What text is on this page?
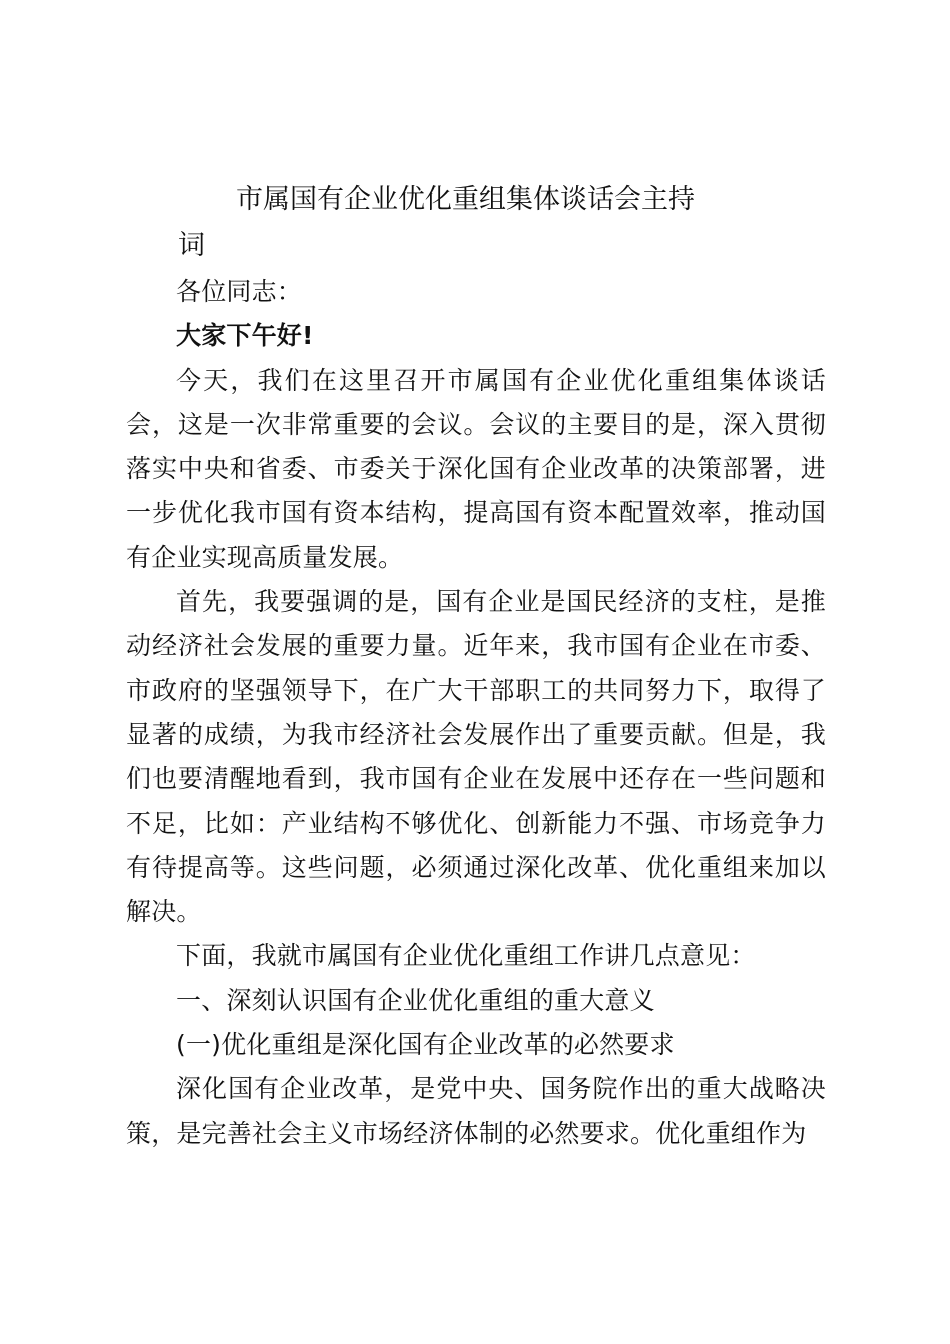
市属国有企业优化重组集体谈话会主持
词

各位同志：

大家下午好!

今天，我们在这里召开市属国有企业优化重组集体谈话会，这是一次非常重要的会议。会议的主要目的是，深入贯彻落实中央和省委、市委关于深化国有企业改革的决策部署，进一步优化我市国有资本结构，提高国有资本配置效率，推动国有企业实现高质量发展。

首先，我要强调的是，国有企业是国民经济的支柱，是推动经济社会发展的重要力量。近年来，我市国有企业在市委、市政府的坚强领导下，在广大干部职工的共同努力下，取得了显著的成绩，为我市经济社会发展作出了重要贡献。但是，我们也要清醒地看到，我市国有企业在发展中还存在一些问题和不足，比如：产业结构不够优化、创新能力不强、市场竞争力有待提高等。这些问题，必须通过深化改革、优化重组来加以解决。

下面，我就市属国有企业优化重组工作讲几点意见：

一、深刻认识国有企业优化重组的重大意义

(一)优化重组是深化国有企业改革的必然要求

深化国有企业改革，是党中央、国务院作出的重大战略决策，是完善社会主义市场经济体制的必然要求。优化重组作为
